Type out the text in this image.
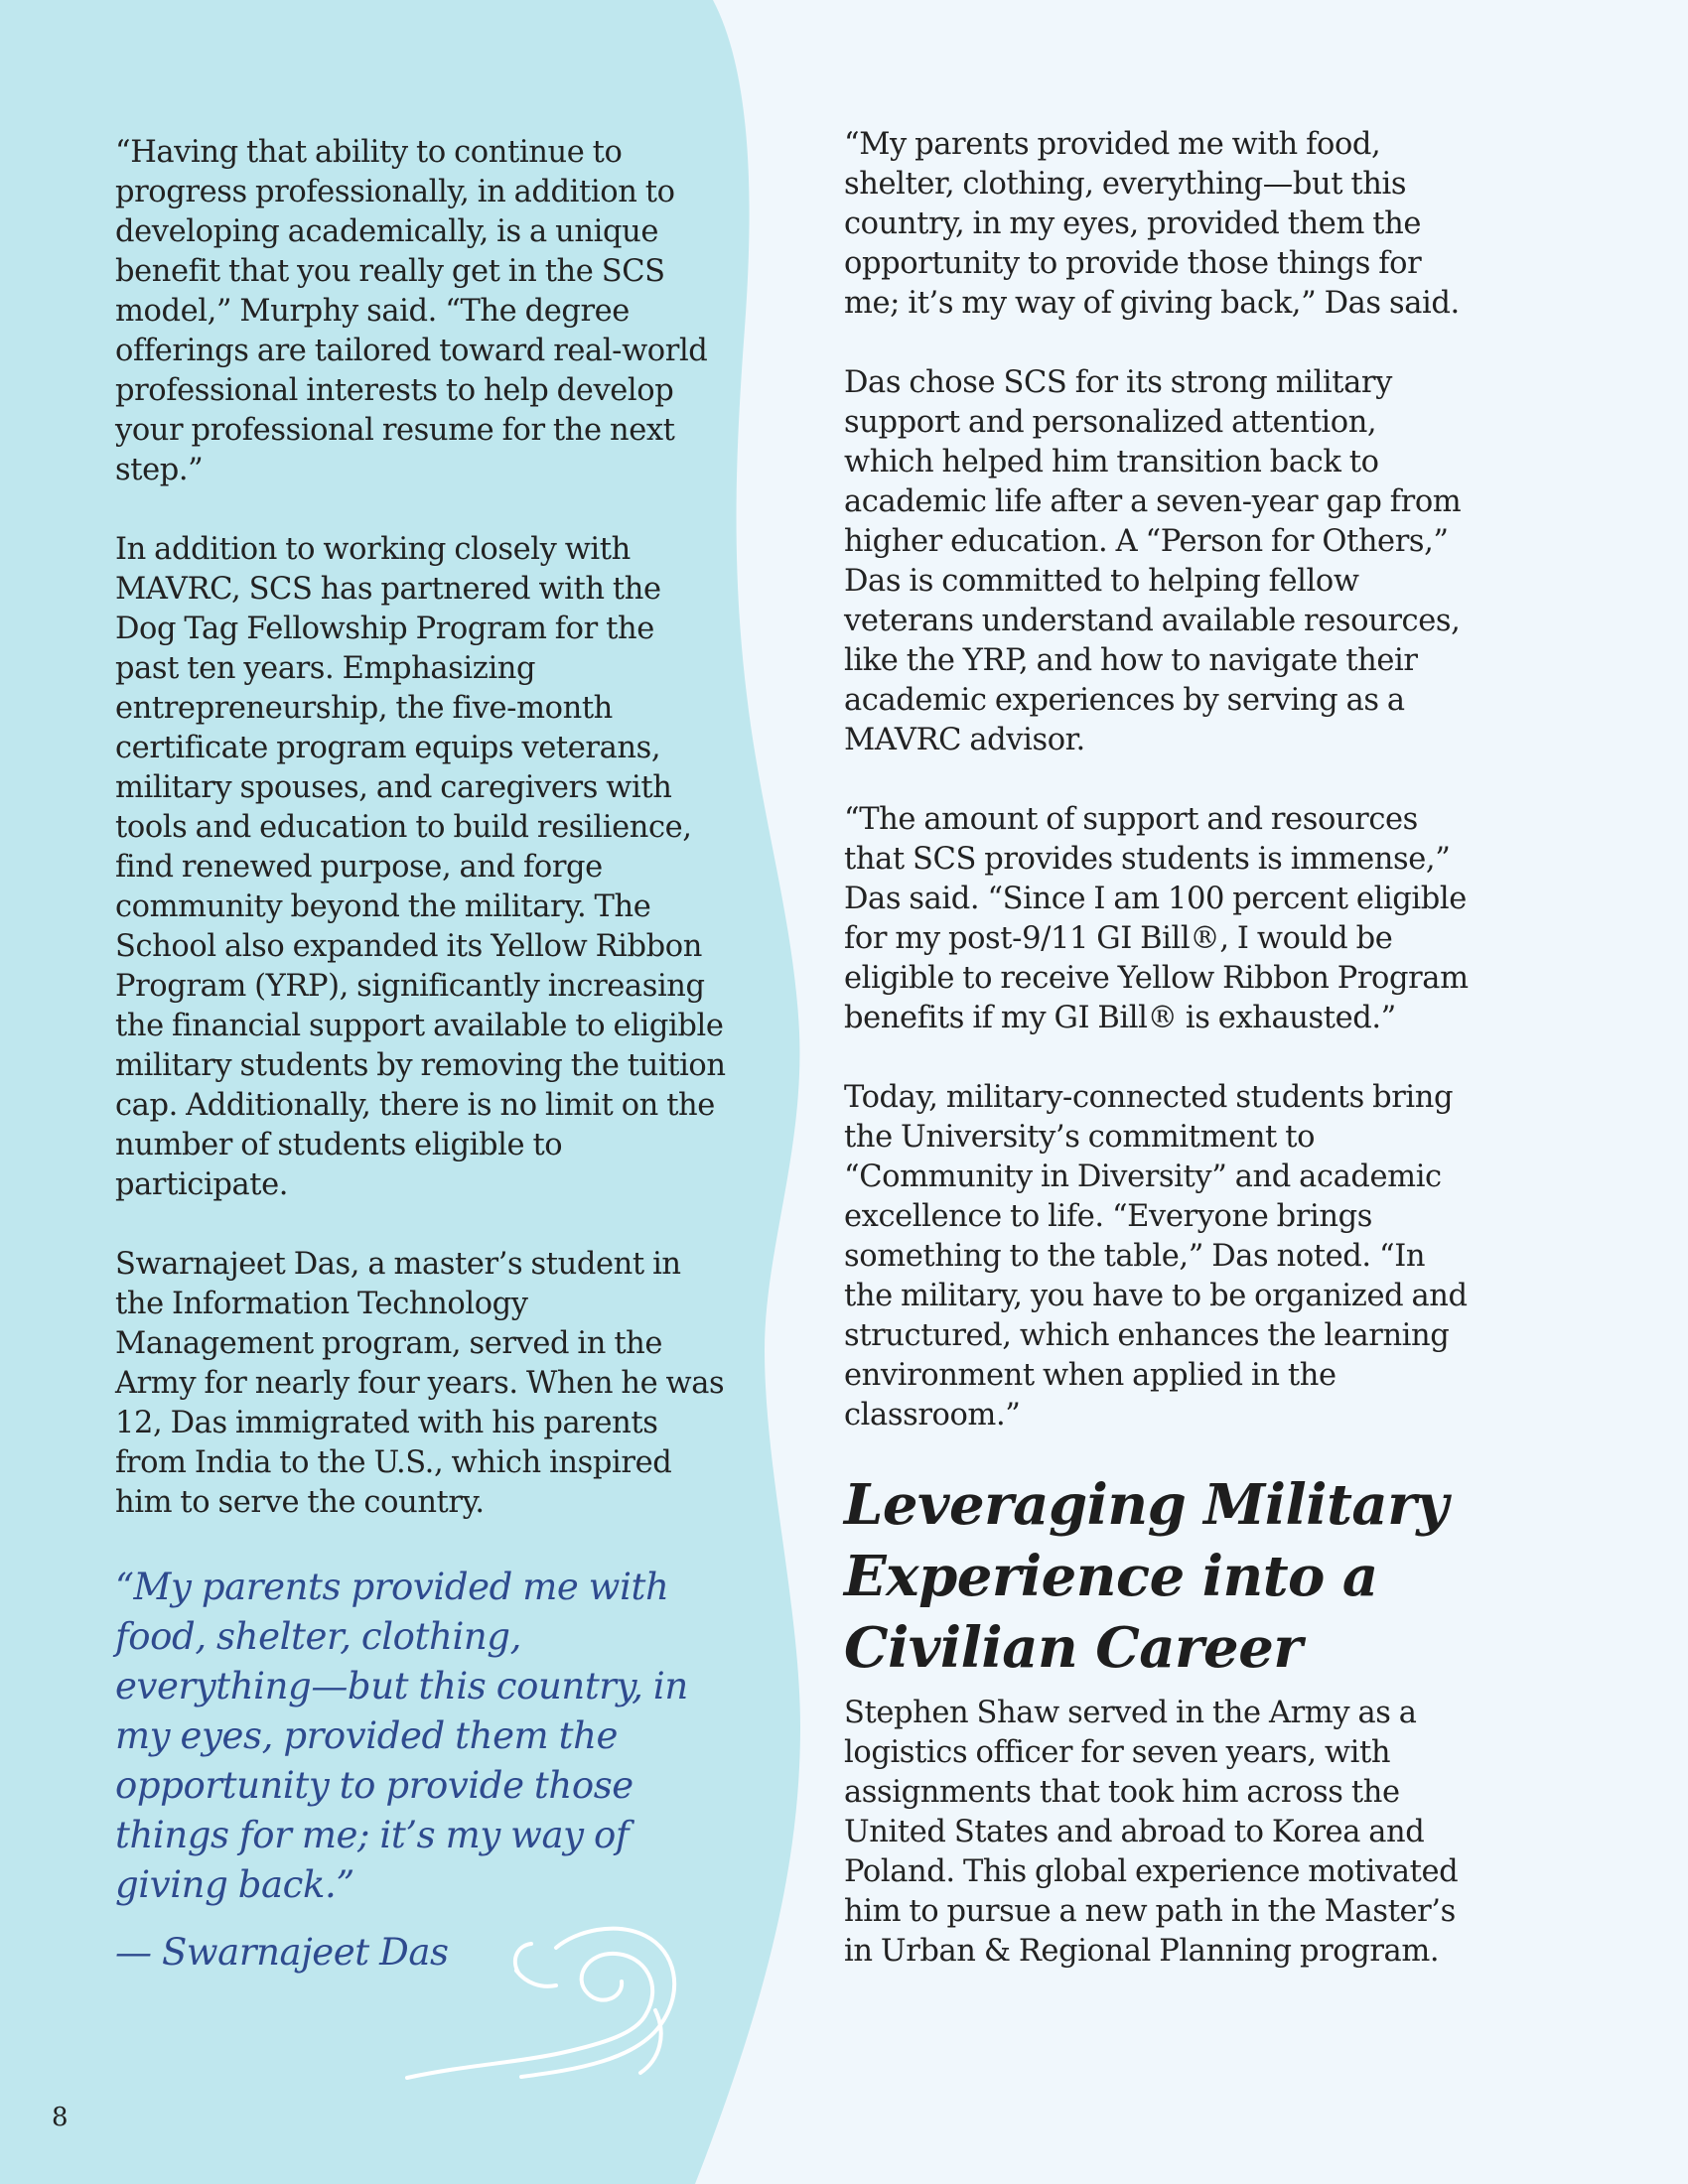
“Having that ability to continue to progress professionally, in addition to developing academically, is a unique benefit that you really get in the SCS model,” Murphy said. “The degree offerings are tailored toward real-world professional interests to help develop your professional resume for the next step.”

In addition to working closely with MAVRC, SCS has partnered with the Dog Tag Fellowship Program for the past ten years. Emphasizing entrepreneurship, the five-month certificate program equips veterans, military spouses, and caregivers with tools and education to build resilience, find renewed purpose, and forge community beyond the military. The School also expanded its Yellow Ribbon Program (YRP), significantly increasing the financial support available to eligible military students by removing the tuition cap. Additionally, there is no limit on the number of students eligible to participate.

Swarnajeet Das, a master’s student in the Information Technology Management program, served in the Army for nearly four years. When he was 12, Das immigrated with his parents from India to the U.S., which inspired him to serve the country.

“My parents provided me with food, shelter, clothing, everything—but this country, in my eyes, provided them the opportunity to provide those things for me; it’s my way of giving back.”
— Swarnajeet Das

“My parents provided me with food, shelter, clothing, everything—but this country, in my eyes, provided them the opportunity to provide those things for me; it’s my way of giving back,” Das said.

Das chose SCS for its strong military support and personalized attention, which helped him transition back to academic life after a seven-year gap from higher education. A “Person for Others,” Das is committed to helping fellow veterans understand available resources, like the YRP, and how to navigate their academic experiences by serving as a MAVRC advisor.

“The amount of support and resources that SCS provides students is immense,” Das said. “Since I am 100 percent eligible for my post-9/11 GI Bill®, I would be eligible to receive Yellow Ribbon Program benefits if my GI Bill® is exhausted.”

Today, military-connected students bring the University’s commitment to “Community in Diversity” and academic excellence to life. “Everyone brings something to the table,” Das noted. “In the military, you have to be organized and structured, which enhances the learning environment when applied in the classroom.”

Leveraging Military Experience into a Civilian Career

Stephen Shaw served in the Army as a logistics officer for seven years, with assignments that took him across the United States and abroad to Korea and Poland. This global experience motivated him to pursue a new path in the Master’s in Urban & Regional Planning program.

8
